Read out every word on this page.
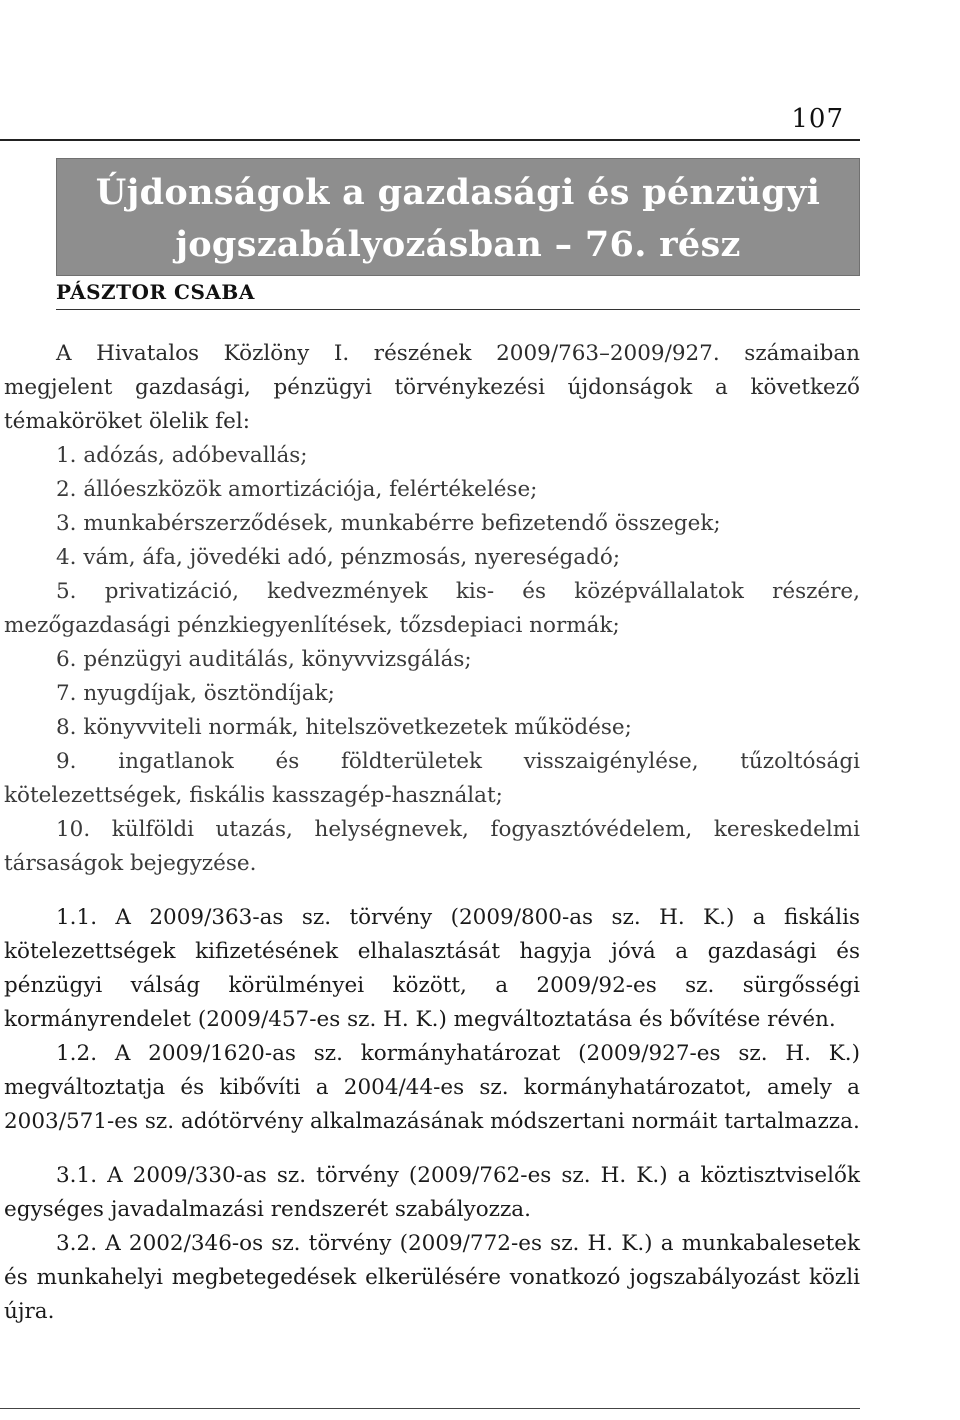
107
Újdonságok a gazdasági és pénzügyi
jogszabályozásban – 76. rész
PÁSZTOR CSABA

A Hivatalos Közlöny I. részének 2009/763–2009/927. számaiban megjelent gazdasági, pénzügyi törvénykezési újdonságok a következő témaköröket ölelik fel:

1. adózás, adóbevallás;

2. állóeszközök amortizációja, felértékelése;

3. munkabérszerződések, munkabérre befizetendő összegek;

4. vám, áfa, jövedéki adó, pénzmosás, nyereségadó;

5. privatizáció, kedvezmények kis- és középvállalatok részére, mezőgazdasági pénzkiegyenlítések, tőzsdepiaci normák;

6. pénzügyi auditálás, könyvvizsgálás;

7. nyugdíjak, ösztöndíjak;

8. könyvviteli normák, hitelszövetkezetek működése;

9. ingatlanok és földterületek visszaigénylése, tűzoltósági kötelezettségek, fiskális kasszagép-használat;

10. külföldi utazás, helységnevek, fogyasztóvédelem, kereskedelmi társaságok bejegyzése.

1.1. A 2009/363-as sz. törvény (2009/800-as sz. H. K.) a fiskális kötelezettségek kifizetésének elhalasztását hagyja jóvá a gazdasági és pénzügyi válság körülményei között, a 2009/92-es sz. sürgősségi kormányrendelet (2009/457-es sz. H. K.) megváltoztatása és bővítése révén.

1.2. A 2009/1620-as sz. kormányhatározat (2009/927-es sz. H. K.) megváltoztatja és kibővíti a 2004/44-es sz. kormányhatározatot, amely a 2003/571-es sz. adótörvény alkalmazásának módszertani normáit tartalmazza.

3.1. A 2009/330-as sz. törvény (2009/762-es sz. H. K.) a köztisztviselők egységes javadalmazási rendszerét szabályozza.

3.2. A 2002/346-os sz. törvény (2009/772-es sz. H. K.) a munkabalesetek és munkahelyi megbetegedések elkerülésére vonatkozó jogszabályozást közli újra.
